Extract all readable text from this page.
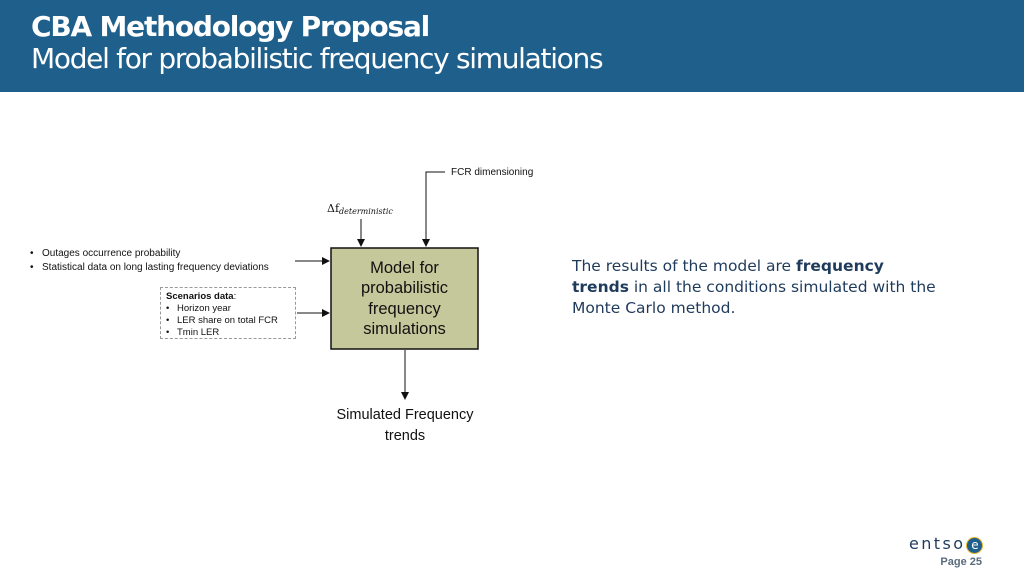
CBA Methodology Proposal
Model for probabilistic frequency simulations
FCR dimensioning
Δfdeterministic
• Outages occurrence probability
• Statistical data on long lasting frequency deviations
Scenarios data:
• Horizon year
• LER share on total FCR
• Tmin LER
Model for
probabilistic
frequency
simulations
Simulated Frequency
trends
The results of the model are frequency
trends in all the conditions simulated with the Monte Carlo method.
entso e
Page 25
